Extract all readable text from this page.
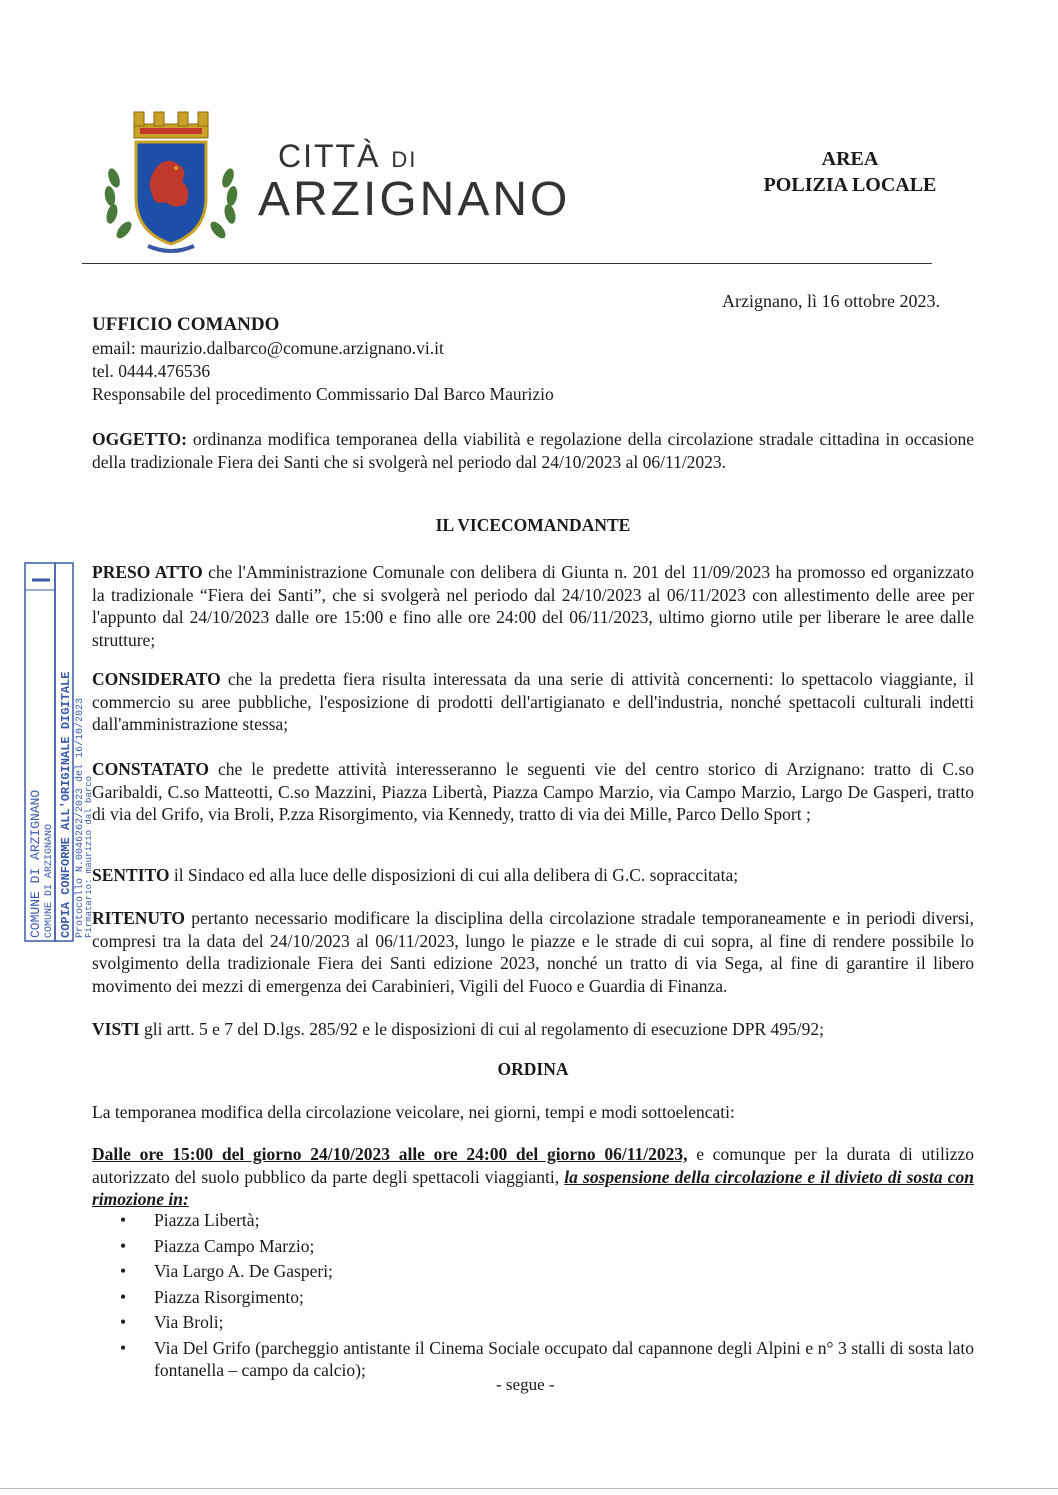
CITTÀ DI
ARZIGNANO
AREA
POLIZIA LOCALE
Arzignano, lì 16 ottobre 2023.
UFFICIO COMANDO
email: maurizio.dalbarco@comune.arzignano.vi.it
tel. 0444.476536
Responsabile del procedimento Commissario Dal Barco Maurizio
OGGETTO: ordinanza modifica temporanea della viabilità e regolazione della circolazione stradale cittadina in occasione della tradizionale Fiera dei Santi che si svolgerà nel periodo dal 24/10/2023 al 06/11/2023.
IL VICECOMANDANTE
PRESO ATTO che l'Amministrazione Comunale con delibera di Giunta n. 201 del 11/09/2023 ha promosso ed organizzato la tradizionale “Fiera dei Santi”, che si svolgerà nel periodo dal 24/10/2023 al 06/11/2023 con allestimento delle aree per l'appunto dal 24/10/2023 dalle ore 15:00 e fino alle ore 24:00 del 06/11/2023, ultimo giorno utile per liberare le aree dalle strutture;
CONSIDERATO che la predetta fiera risulta interessata da una serie di attività concernenti: lo spettacolo viaggiante, il commercio su aree pubbliche, l'esposizione di prodotti dell'artigianato e dell'industria, nonché spettacoli culturali indetti dall'amministrazione stessa;
CONSTATATO che le predette attività interesseranno le seguenti vie del centro storico di Arzignano: tratto di C.so Garibaldi, C.so Matteotti, C.so Mazzini, Piazza Libertà, Piazza Campo Marzio, via Campo Marzio, Largo De Gasperi, tratto di via del Grifo, via Broli, P.zza Risorgimento, via Kennedy, tratto di via dei Mille, Parco Dello Sport ;
SENTITO il Sindaco ed alla luce delle disposizioni di cui alla delibera di G.C. sopraccitata;
RITENUTO pertanto necessario modificare la disciplina della circolazione stradale temporaneamente e in periodi diversi, compresi tra la data del 24/10/2023 al 06/11/2023, lungo le piazze e le strade di cui sopra, al fine di rendere possibile lo svolgimento della tradizionale Fiera dei Santi edizione 2023, nonché un tratto di via Sega, al fine di garantire il libero movimento dei mezzi di emergenza dei Carabinieri, Vigili del Fuoco e Guardia di Finanza.
VISTI gli artt. 5 e 7 del D.lgs. 285/92 e le disposizioni di cui al regolamento di esecuzione DPR 495/92;
ORDINA
La temporanea modifica della circolazione veicolare, nei giorni, tempi e modi sottoelencati:
Dalle ore 15:00 del giorno 24/10/2023 alle ore 24:00 del giorno 06/11/2023, e comunque per la durata di utilizzo autorizzato del suolo pubblico da parte degli spettacoli viaggianti, la sospensione della circolazione e il divieto di sosta con rimozione in:
• Piazza Libertà;
• Piazza Campo Marzio;
• Via Largo A. De Gasperi;
• Piazza Risorgimento;
• Via Broli;
• Via Del Grifo (parcheggio antistante il Cinema Sociale occupato dal capannone degli Alpini e n° 3 stalli di sosta lato fontanella – campo da calcio);
- segue -
COMUNE DI ARZIGNANO COMUNE DI ARZIGNANO COPIA CONFORME ALL'ORIGINALE DIGITALE Protocollo N.0046262/2023 del 16/10/2023
Firmatario: maurizio dal barco
